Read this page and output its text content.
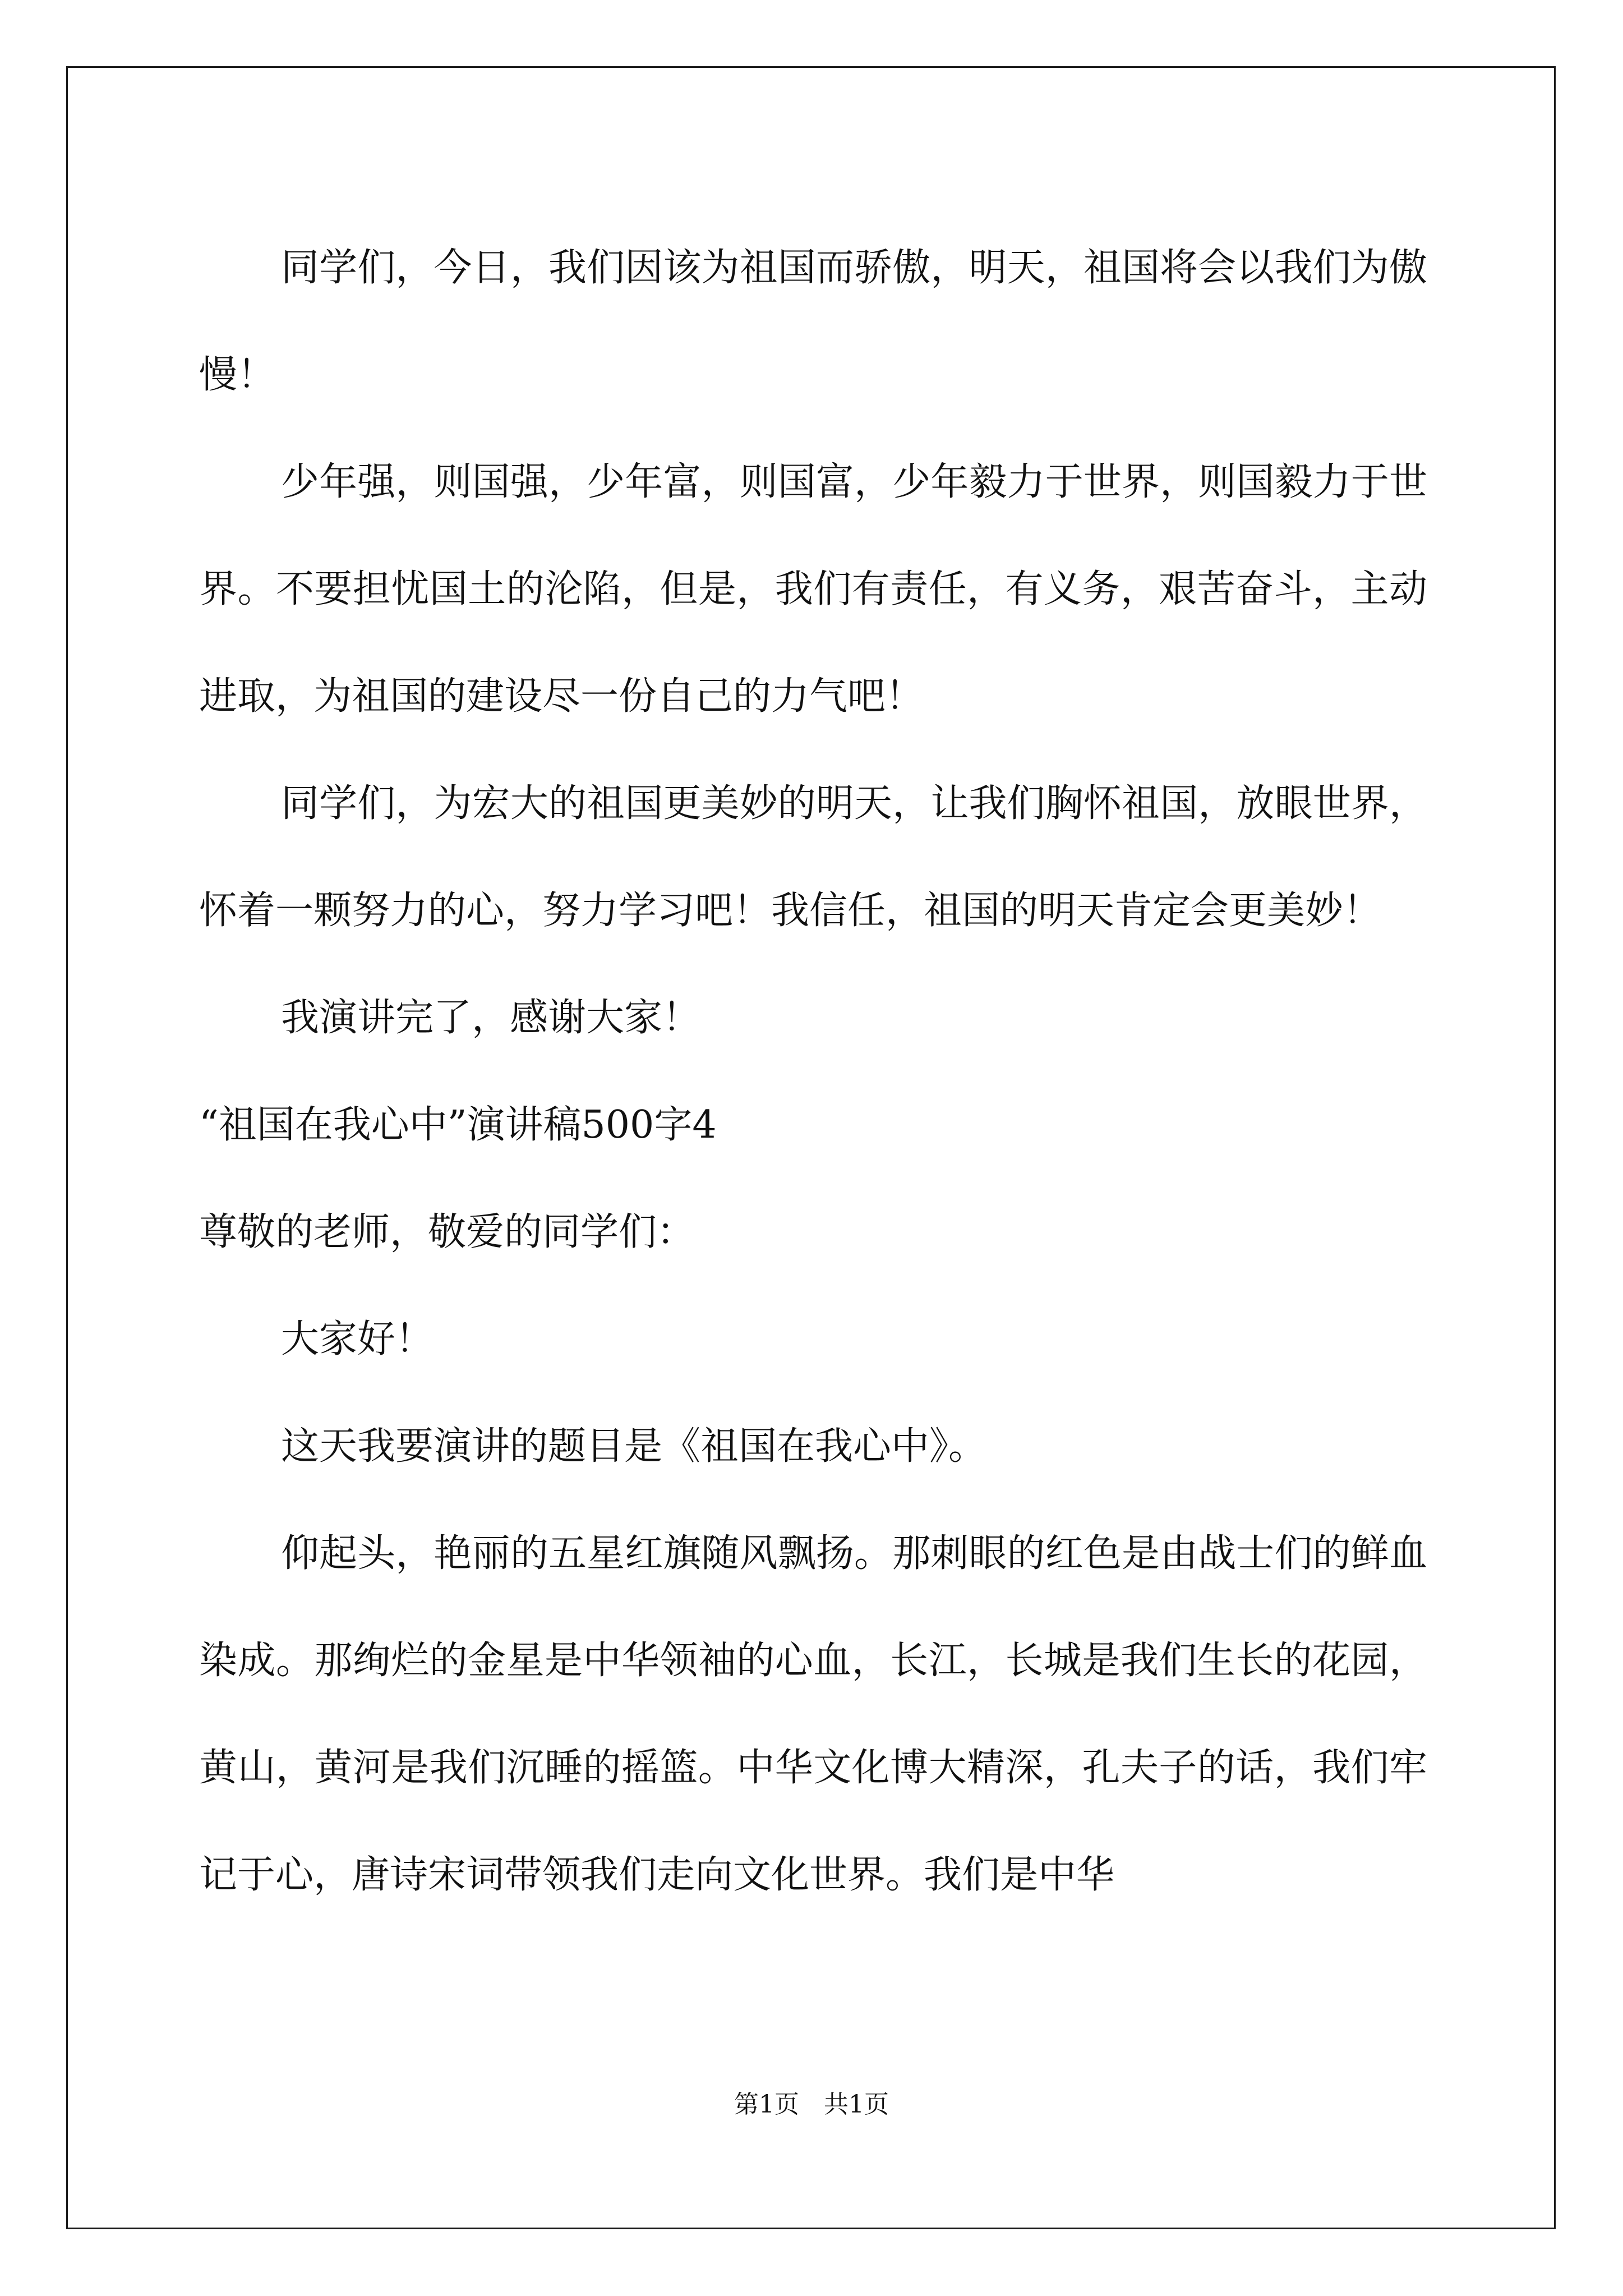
同学们，今日，我们因该为祖国而骄傲，明天，祖国将会以我们为傲慢！

少年强，则国强，少年富，则国富，少年毅力于世界，则国毅力于世界。不要担忧国土的沦陷，但是，我们有责任，有义务，艰苦奋斗，主动进取，为祖国的建设尽一份自己的力气吧！

同学们，为宏大的祖国更美妙的明天，让我们胸怀祖国，放眼世界，怀着一颗努力的心，努力学习吧！我信任，祖国的明天肯定会更美妙！

我演讲完了，感谢大家！

“祖国在我心中”演讲稿500字4

尊敬的老师，敬爱的同学们：

大家好！

这天我要演讲的题目是《祖国在我心中》。

仰起头，艳丽的五星红旗随风飘扬。那刺眼的红色是由战士们的鲜血染成。那绚烂的金星是中华领袖的心血，长江，长城是我们生长的花园，黄山，黄河是我们沉睡的摇篮。中华文化博大精深，孔夫子的话，我们牢记于心，唐诗宋词带领我们走向文化世界。我们是中华

第1页 共1页
